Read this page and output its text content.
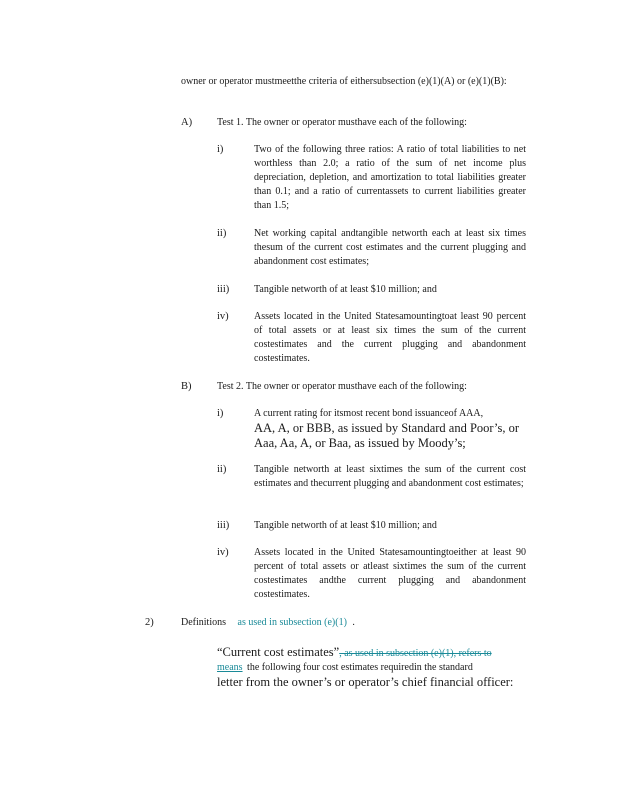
owner or operator mustmeetthe criteria of eithersubsection (e)(1)(A) or (e)(1)(B):

A) Test 1. The owner or operator musthave each of the following:

i)	Two of the following three ratios: A ratio of total liabilities to net worthless than 2.0; a ratio of the sum of net income plus depreciation, depletion, and amortization to total liabilities greater than 0.1; and a ratio of currentassets to current liabilities greater than 1.5;

ii)	Net working capital andtangible networth each at least six times thesum of the current cost estimates and the current plugging and abandonment cost estimates;

iii) Tangible networth of at least $10 million; and

iv)	Assets located in the United Statesamountingtoat least 90 percent of total assets or at least six times the sum of the current costestimates and the current plugging and abandonment costestimates.

B)	Test 2. The owner or operator musthave each of the following:

i)	A current rating for itsmost recent bond issuanceof AAA,
AA, A, or BBB, as issued by Standard and Poor’s, or Aaa, Aa, A, or Baa, as issued by Moody’s;
ii)	Tangible networth at least sixtimes the sum of the current cost estimates and thecurrent plugging and abandonment cost estimates;

iii) Tangible networth of at least $10 million; and

iv)	Assets located in the United Statesamountingtoeither at least 90 percent of total assets or atleast sixtimes the sum of the current costestimates andthe current plugging and abandonment costestimates.

2)	Definitions as used in subsection (e)(1) .
“Current cost estimates”, as used in subsection (e)(1), refers to
means the following four cost estimates requiredin the standard
letter from the owner’s or operator’s chief financial officer:
